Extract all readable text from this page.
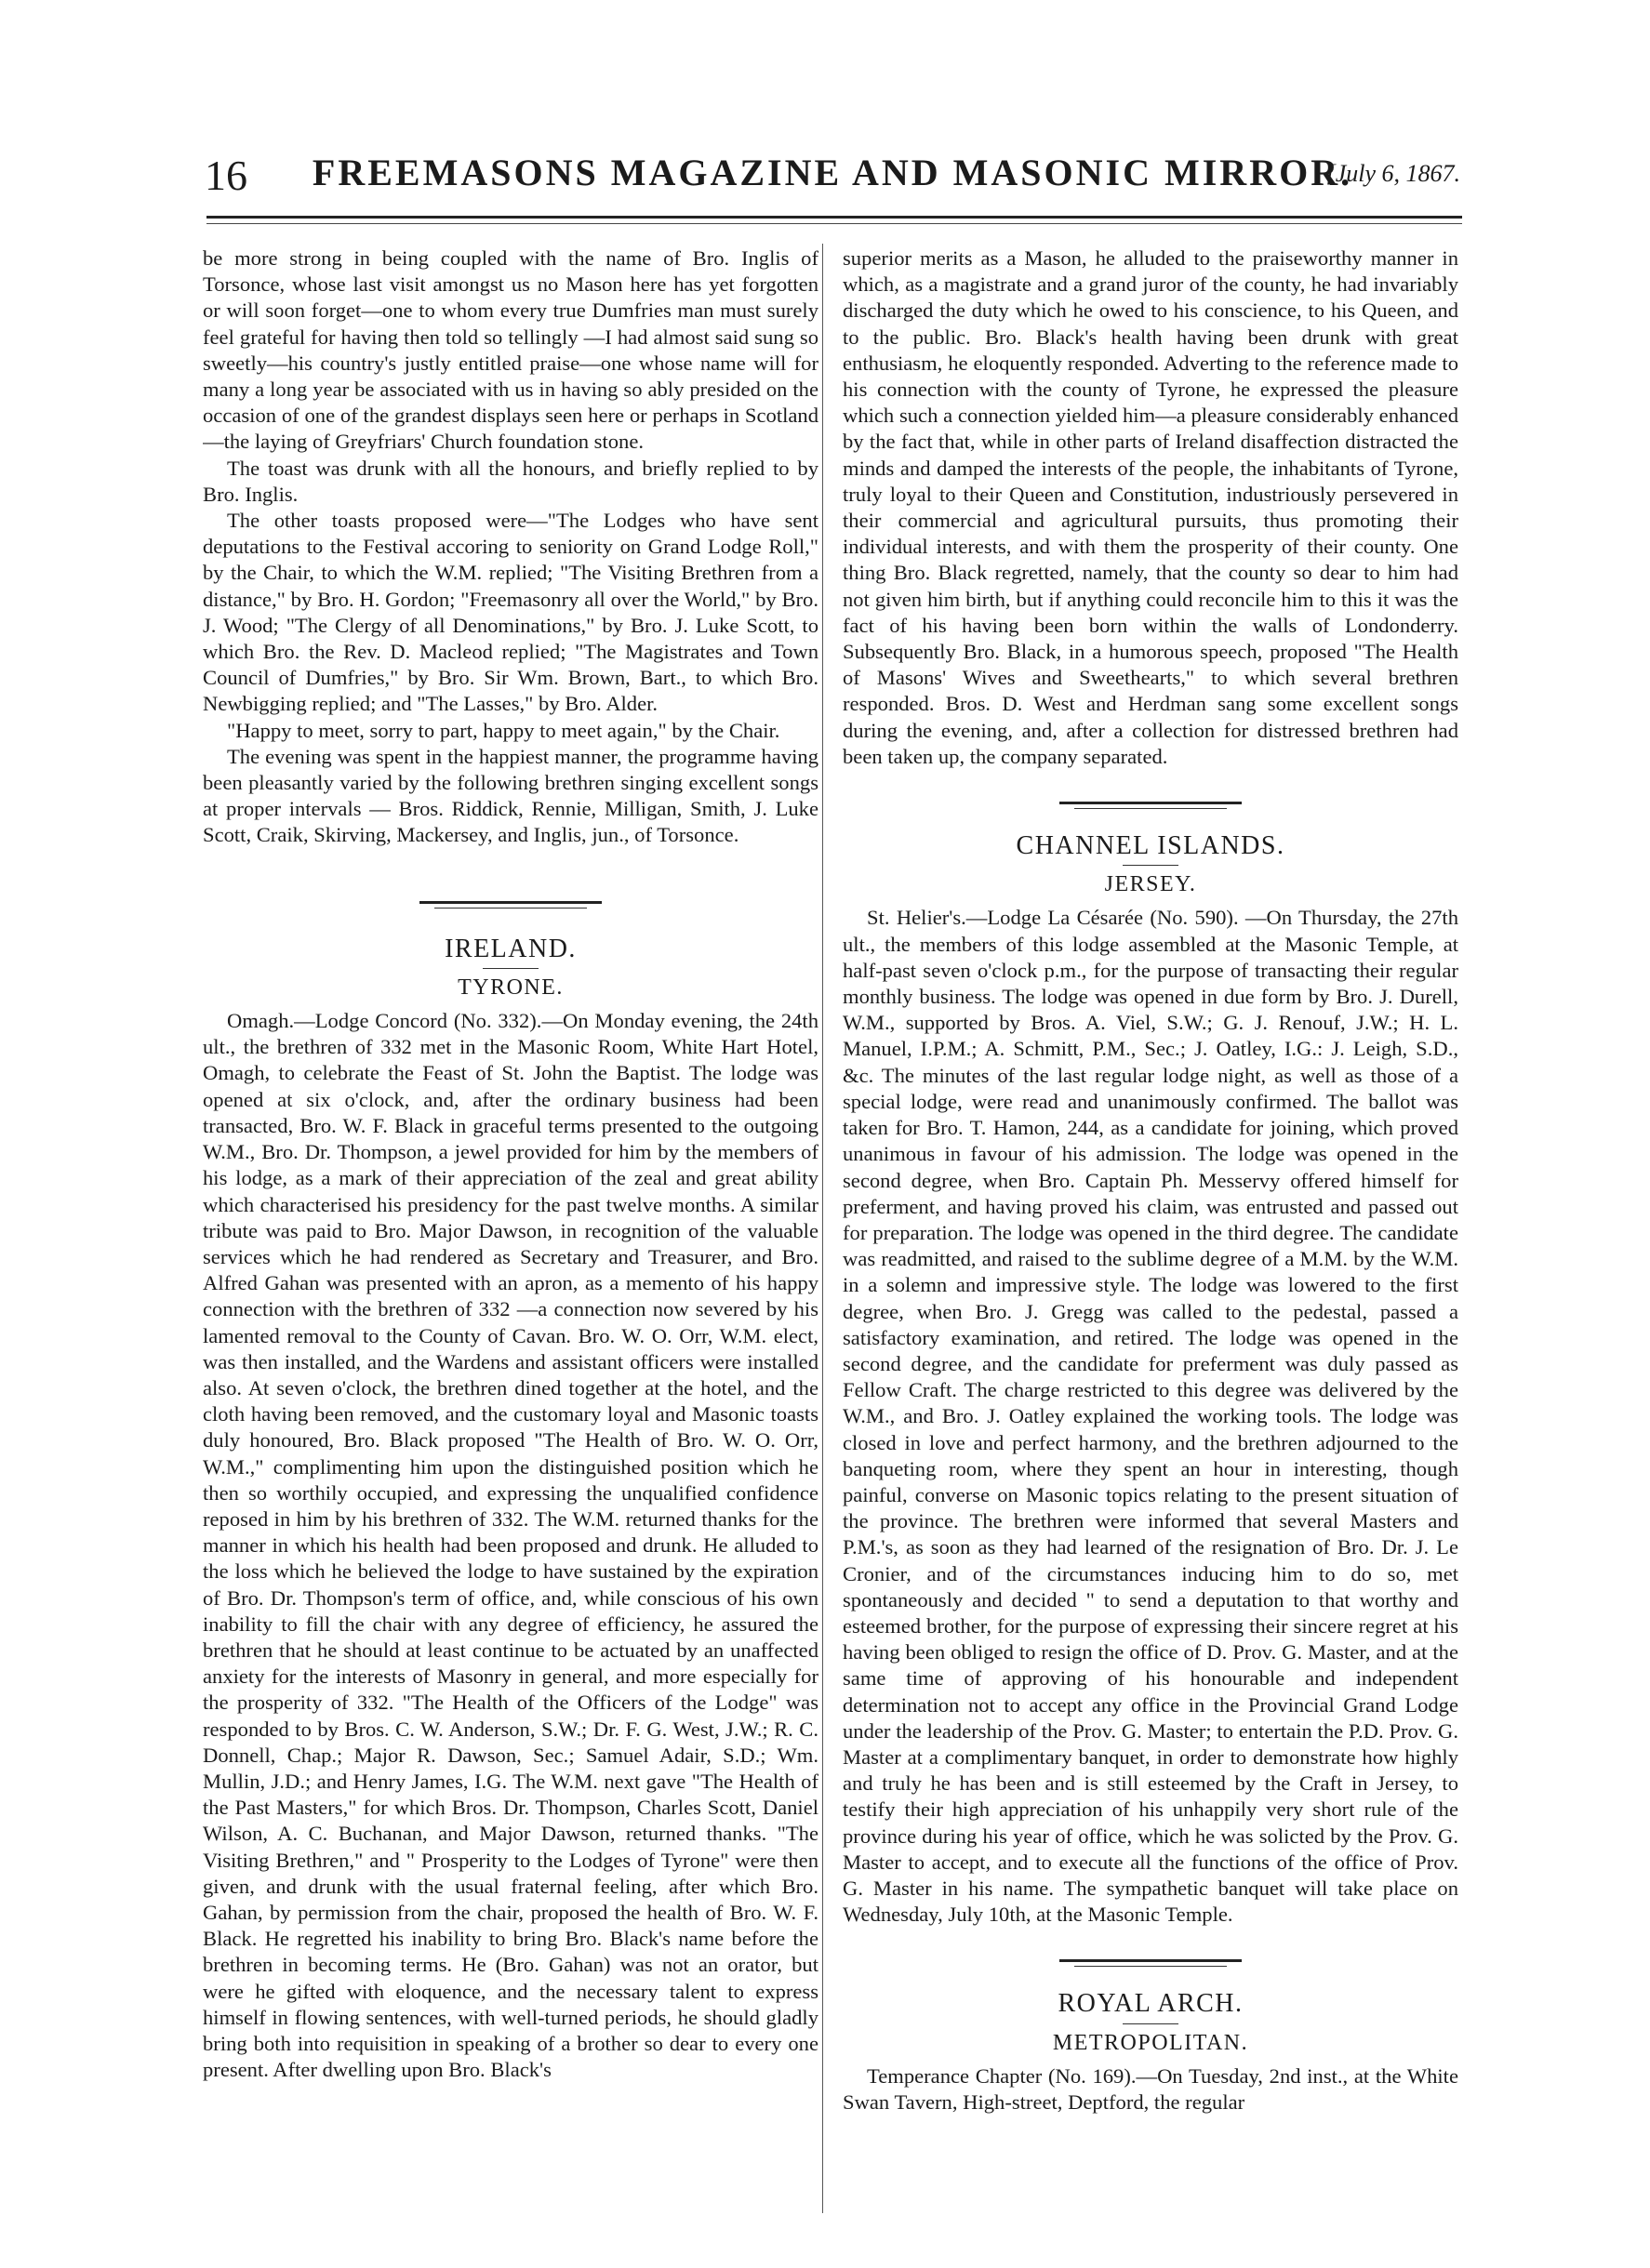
16	FREEMASONS MAGAZINE AND MASONIC MIRROR.
[July 6, 1867.

be more strong in being coupled with the name of Bro. Inglis of Torsonce, whose last visit amongst us no Mason here has yet forgotten or will soon forget—one to whom every true Dumfries man must surely feel grateful for having then told so tellingly —I had almost said sung so sweetly—his country's justly entitled praise—one whose name will for many a long year be associated with us in having so ably presided on the occasion of one of the grandest displays seen here or perhaps in Scotland —the laying of Greyfriars' Church foundation stone.

The toast was drunk with all the honours, and briefly replied to by Bro. Inglis.

The other toasts proposed were—"The Lodges who have sent deputations to the Festival accoring to seniority on Grand Lodge Roll," by the Chair, to which the W.M. replied; "The Visiting Brethren from a distance," by Bro. H. Gordon; "Freemasonry all over the World," by Bro. J. Wood; "The Clergy of all Denominations," by Bro. J. Luke Scott, to which Bro. the Rev. D. Macleod replied; "The Magistrates and Town Council of Dumfries," by Bro. Sir Wm. Brown, Bart., to which Bro. Newbigging replied; and "The Lasses," by Bro. Alder.

"Happy to meet, sorry to part, happy to meet again," by the Chair.

The evening was spent in the happiest manner, the programme having been pleasantly varied by the following brethren singing excellent songs at proper intervals — Bros. Riddick, Rennie, Milligan, Smith, J. Luke Scott, Craik, Skirving, Mackersey, and Inglis, jun., of Torsonce.

IRELAND.
TYRONE.

Omagh.—Lodge Concord (No. 332).—On Monday evening, the 24th ult., the brethren of 332 met in the Masonic Room, White Hart Hotel, Omagh, to celebrate the Feast of St. John the Baptist. The lodge was opened at six o'clock, and, after the ordinary business had been transacted, Bro. W. F. Black in graceful terms presented to the outgoing W.M., Bro. Dr. Thompson, a jewel provided for him by the members of his lodge, as a mark of their appreciation of the zeal and great ability which characterised his presidency for the past twelve months. A similar tribute was paid to Bro. Major Dawson, in recognition of the valuable services which he had rendered as Secretary and Treasurer, and Bro. Alfred Gahan was presented with an apron, as a memento of his happy connection with the brethren of 332 —a connection now severed by his lamented removal to the County of Cavan. Bro. W. O. Orr, W.M. elect, was then installed, and the Wardens and assistant officers were installed also. At seven o'clock, the brethren dined together at the hotel, and the cloth having been removed, and the customary loyal and Masonic toasts duly honoured, Bro. Black proposed "The Health of Bro. W. O. Orr, W.M.," complimenting him upon the distinguished position which he then so worthily occupied, and expressing the unqualified confidence reposed in him by his brethren of 332. The W.M. returned thanks for the manner in which his health had been proposed and drunk. He alluded to the loss which he believed the lodge to have sustained by the expiration of Bro. Dr. Thompson's term of office, and, while conscious of his own inability to fill the chair with any degree of efficiency, he assured the brethren that he should at least continue to be actuated by an unaffected anxiety for the interests of Masonry in general, and more especially for the prosperity of 332. "The Health of the Officers of the Lodge" was responded to by Bros. C. W. Anderson, S.W.; Dr. F. G. West, J.W.; R. C. Donnell, Chap.; Major R. Dawson, Sec.; Samuel Adair, S.D.; Wm. Mullin, J.D.; and Henry James, I.G. The W.M. next gave "The Health of the Past Masters," for which Bros. Dr. Thompson, Charles Scott, Daniel Wilson, A. C. Buchanan, and Major Dawson, returned thanks. "The Visiting Brethren," and " Prosperity to the Lodges of Tyrone" were then given, and drunk with the usual fraternal feeling, after which Bro. Gahan, by permission from the chair, proposed the health of Bro. W. F. Black. He regretted his inability to bring Bro. Black's name before the brethren in becoming terms. He (Bro. Gahan) was not an orator, but were he gifted with eloquence, and the necessary talent to express himself in flowing sentences, with well-turned periods, he should gladly bring both into requisition in speaking of a brother so dear to every one present. After dwelling upon Bro. Black's

superior merits as a Mason, he alluded to the praiseworthy manner in which, as a magistrate and a grand juror of the county, he had invariably discharged the duty which he owed to his conscience, to his Queen, and to the public. Bro. Black's health having been drunk with great enthusiasm, he eloquently responded. Adverting to the reference made to his connection with the county of Tyrone, he expressed the pleasure which such a connection yielded him—a pleasure considerably enhanced by the fact that, while in other parts of Ireland disaffection distracted the minds and damped the interests of the people, the inhabitants of Tyrone, truly loyal to their Queen and Constitution, industriously persevered in their commercial and agricultural pursuits, thus promoting their individual interests, and with them the prosperity of their county. One thing Bro. Black regretted, namely, that the county so dear to him had not given him birth, but if anything could reconcile him to this it was the fact of his having been born within the walls of Londonderry. Subsequently Bro. Black, in a humorous speech, proposed "The Health of Masons' Wives and Sweethearts," to which several brethren responded. Bros. D. West and Herdman sang some excellent songs during the evening, and, after a collection for distressed brethren had been taken up, the company separated.

CHANNEL ISLANDS.
JERSEY.

St. Helier's.—Lodge La Césarée (No. 590). —On Thursday, the 27th ult., the members of this lodge assembled at the Masonic Temple, at half-past seven o'clock p.m., for the purpose of transacting their regular monthly business. The lodge was opened in due form by Bro. J. Durell, W.M., supported by Bros. A. Viel, S.W.; G. J. Renouf, J.W.; H. L. Manuel, I.P.M.; A. Schmitt, P.M., Sec.; J. Oatley, I.G.: J. Leigh, S.D., &c. The minutes of the last regular lodge night, as well as those of a special lodge, were read and unanimously confirmed. The ballot was taken for Bro. T. Hamon, 244, as a candidate for joining, which proved unanimous in favour of his admission. The lodge was opened in the second degree, when Bro. Captain Ph. Messervy offered himself for preferment, and having proved his claim, was entrusted and passed out for preparation. The lodge was opened in the third degree. The candidate was readmitted, and raised to the sublime degree of a M.M. by the W.M. in a solemn and impressive style. The lodge was lowered to the first degree, when Bro. J. Gregg was called to the pedestal, passed a satisfactory examination, and retired. The lodge was opened in the second degree, and the candidate for preferment was duly passed as Fellow Craft. The charge restricted to this degree was delivered by the W.M., and Bro. J. Oatley explained the working tools. The lodge was closed in love and perfect harmony, and the brethren adjourned to the banqueting room, where they spent an hour in interesting, though painful, converse on Masonic topics relating to the present situation of the province. The brethren were informed that several Masters and P.M.'s, as soon as they had learned of the resignation of Bro. Dr. J. Le Cronier, and of the circumstances inducing him to do so, met spontaneously and decided " to send a deputation to that worthy and esteemed brother, for the purpose of expressing their sincere regret at his having been obliged to resign the office of D. Prov. G. Master, and at the same time of approving of his honourable and independent determination not to accept any office in the Provincial Grand Lodge under the leadership of the Prov. G. Master; to entertain the P.D. Prov. G. Master at a complimentary banquet, in order to demonstrate how highly and truly he has been and is still esteemed by the Craft in Jersey, to testify their high appreciation of his unhappily very short rule of the province during his year of office, which he was solicted by the Prov. G. Master to accept, and to execute all the functions of the office of Prov. G. Master in his name. The sympathetic banquet will take place on Wednesday, July 10th, at the Masonic Temple.

ROYAL ARCH.
METROPOLITAN.

Temperance Chapter (No. 169).—On Tuesday, 2nd inst., at the White Swan Tavern, High-street, Deptford, the regular
